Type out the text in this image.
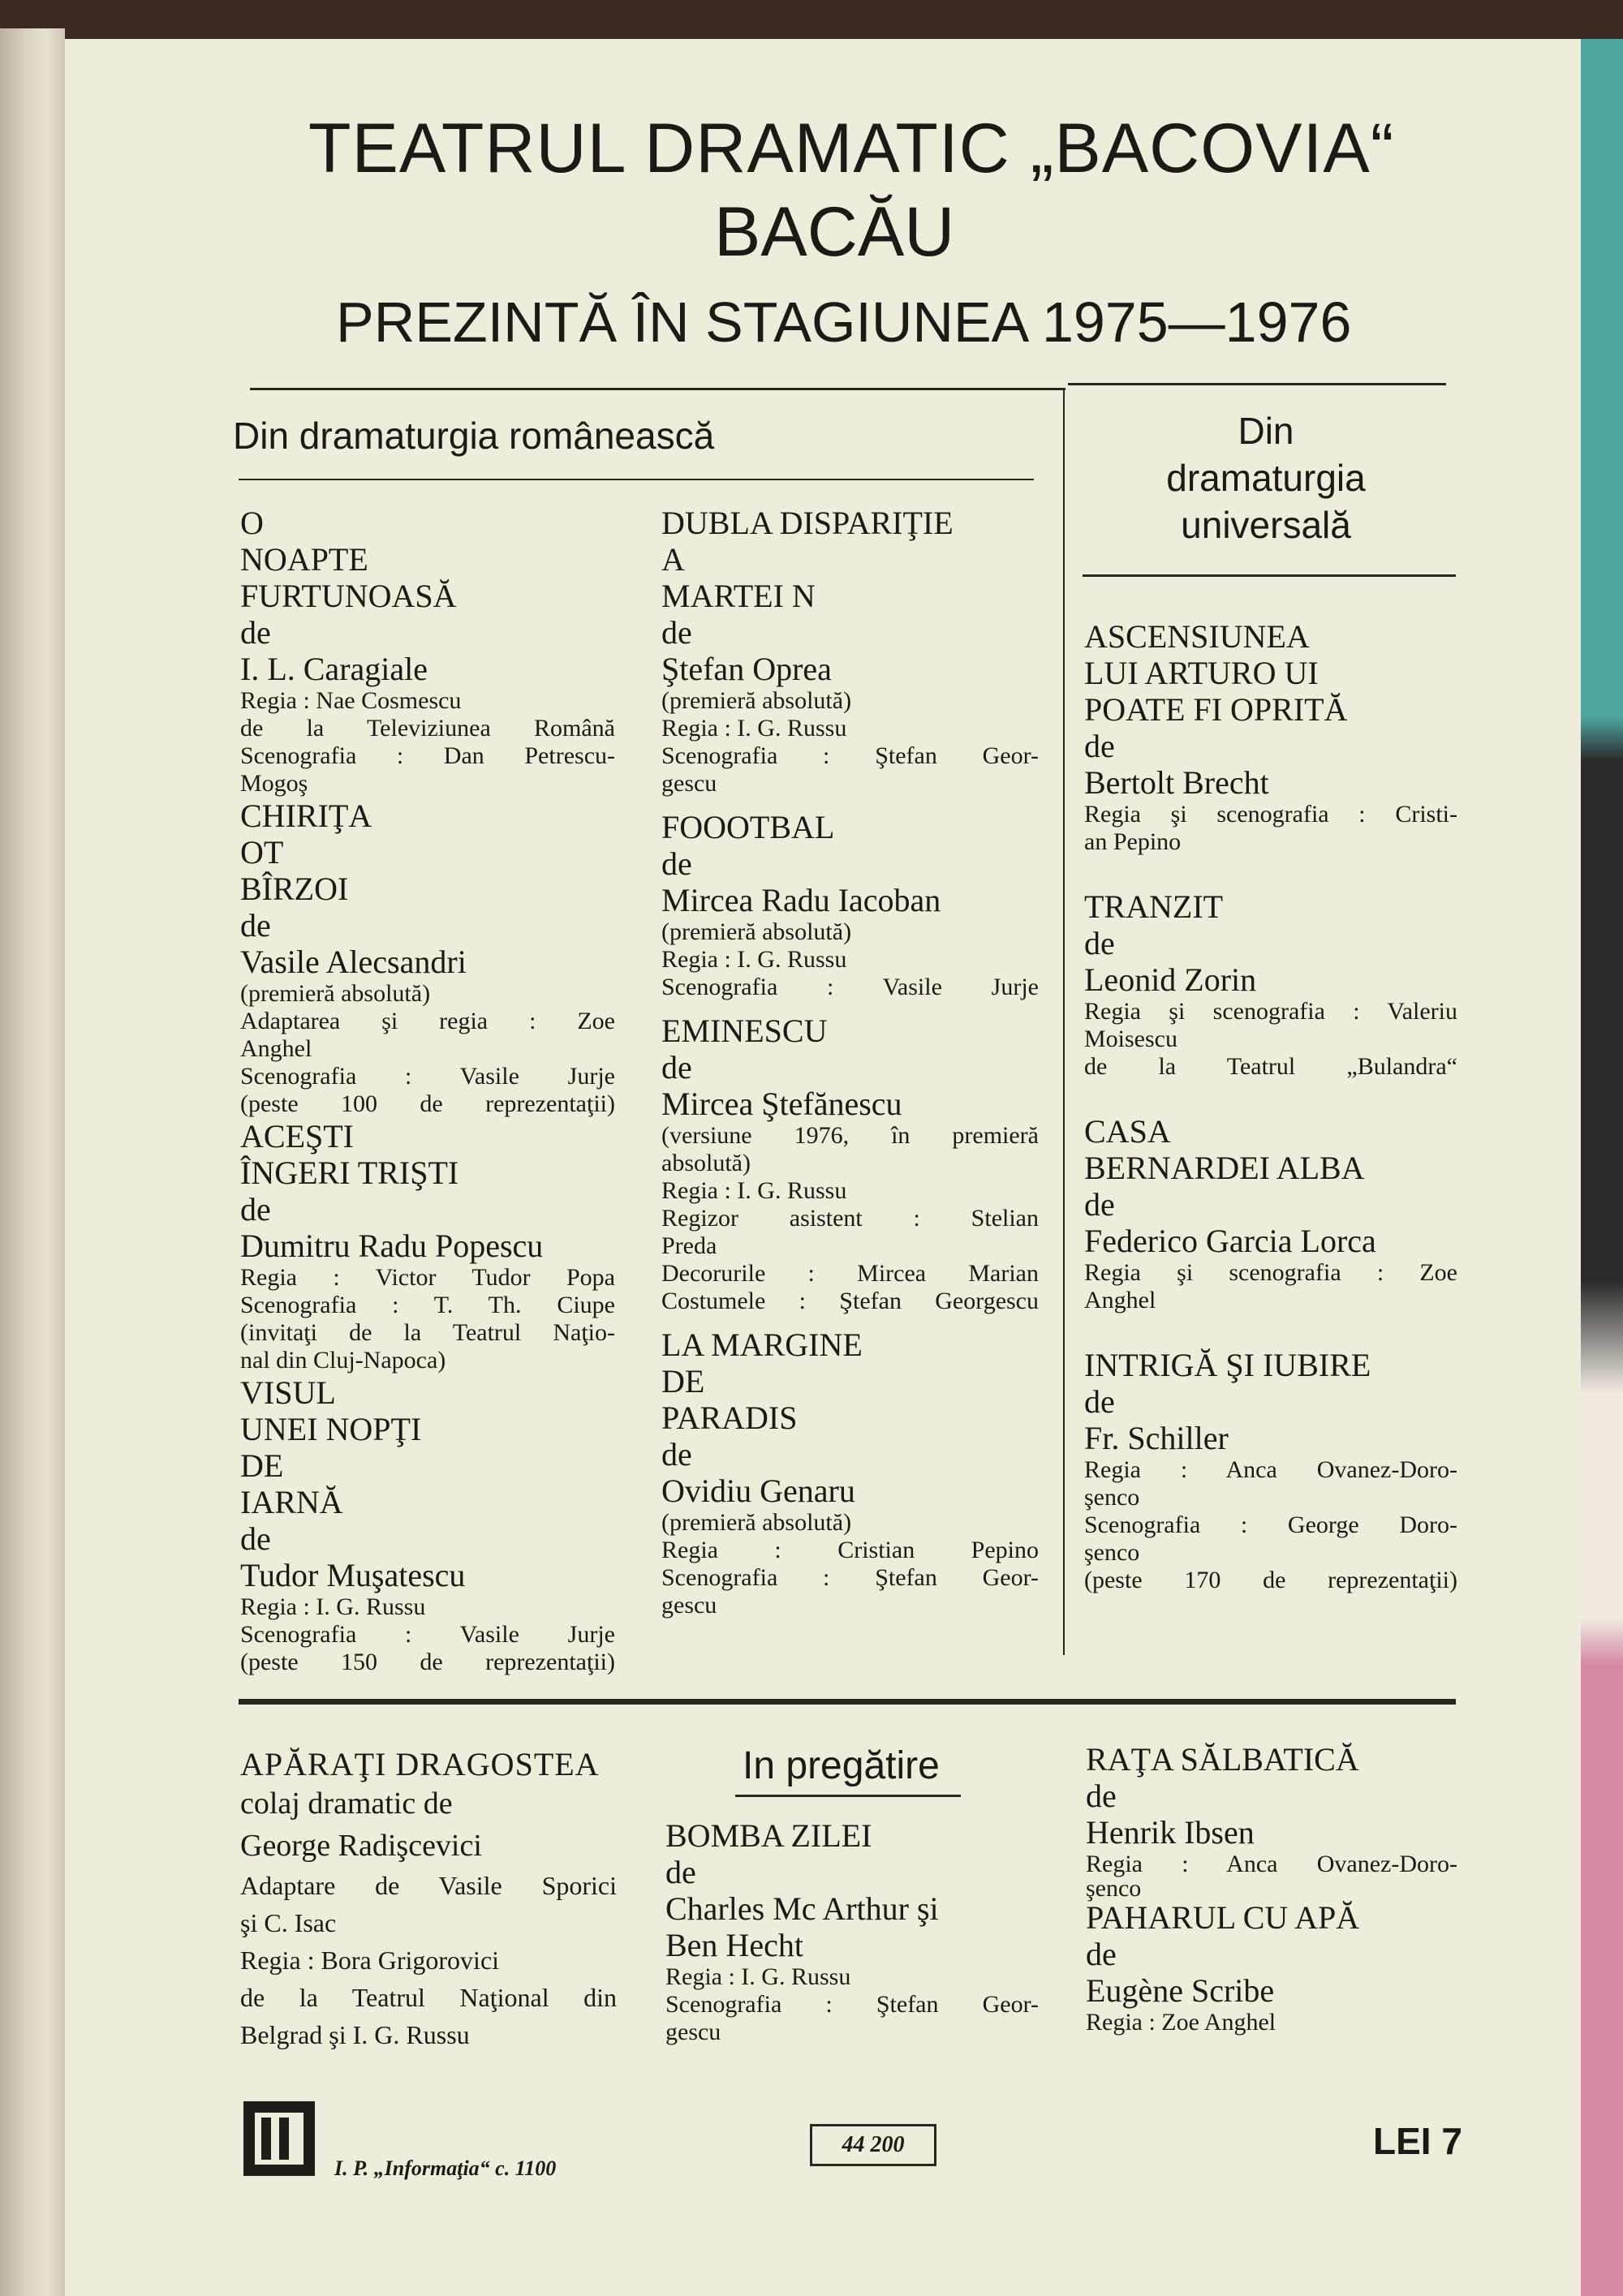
TEATRUL DRAMATIC „BACOVIA“
BACĂU
PREZINTĂ ÎN STAGIUNEA 1975—1976
Din dramaturgia românească	Din
dramaturgia
universală
O
NOAPTE
FURTUNOASĂ
de
I. L. Caragiale
Regia : Nae Cosmescu
de la Televiziunea Română
Scenografia : Dan Petrescu-
Mogoş
CHIRIŢA
OT
BÎRZOI
de
Vasile Alecsandri
(premieră absolută)
Adaptarea şi regia : Zoe
Anghel
Scenografia : Vasile Jurje
(peste 100 de reprezentaţii)
ACEŞTI
ÎNGERI TRIŞTI
de
Dumitru Radu Popescu
Regia : Victor Tudor Popa
Scenografia : T. Th. Ciupe
(invitaţi de la Teatrul Naţio-
nal din Cluj-Napoca)
VISUL
UNEI NOPŢI
DE
IARNĂ
de
Tudor Muşatescu
Regia : I. G. Russu
Scenografia : Vasile Jurje
(peste 150 de reprezentaţii)
DUBLA DISPARIŢIE
A
MARTEI N
de
Ştefan Oprea
(premieră absolută)
Regia : I. G. Russu
Scenografia : Ştefan Geor-
gescu
FOOOTBAL
de
Mircea Radu Iacoban
(premieră absolută)
Regia : I. G. Russu
Scenografia : Vasile Jurje
EMINESCU
de
Mircea Ştefănescu
(versiune 1976, în premieră
absolută)
Regia : I. G. Russu
Regizor asistent : Stelian
Preda
Decorurile : Mircea Marian
Costumele : Ştefan Georgescu
LA MARGINE
DE
PARADIS
de
Ovidiu Genaru
(premieră absolută)
Regia : Cristian Pepino
Scenografia : Ştefan Geor-
gescu
ASCENSIUNEA
LUI ARTURO UI
POATE FI OPRITĂ
de
Bertolt Brecht
Regia şi scenografia : Cristi-
an Pepino
TRANZIT
de
Leonid Zorin
Regia şi scenografia : Valeriu
Moisescu
de la Teatrul „Bulandra“
CASA
BERNARDEI ALBA
de
Federico Garcia Lorca
Regia şi scenografia : Zoe
Anghel
INTRIGĂ ŞI IUBIRE
de
Fr. Schiller
Regia : Anca Ovanez-Doro-
şenco
Scenografia : George Doro-
şenco
(peste 170 de reprezentaţii)
APĂRAŢI DRAGOSTEA
colaj dramatic de
George Radişcevici
Adaptare de Vasile Sporici
şi C. Isac
Regia : Bora Grigorovici
de la Teatrul Naţional din
Belgrad şi I. G. Russu
In pregătire
BOMBA ZILEI
de
Charles Mc Arthur şi
Ben Hecht
Regia : I. G. Russu
Scenografia : Ştefan Geor-
gescu
RAŢA SĂLBATICĂ
de
Henrik Ibsen
Regia : Anca Ovanez-Doro-
şenco
PAHARUL CU APĂ
de
Eugène Scribe
Regia : Zoe Anghel
I. P. „Informaţia“ c. 1100
44 200	LEI 7
